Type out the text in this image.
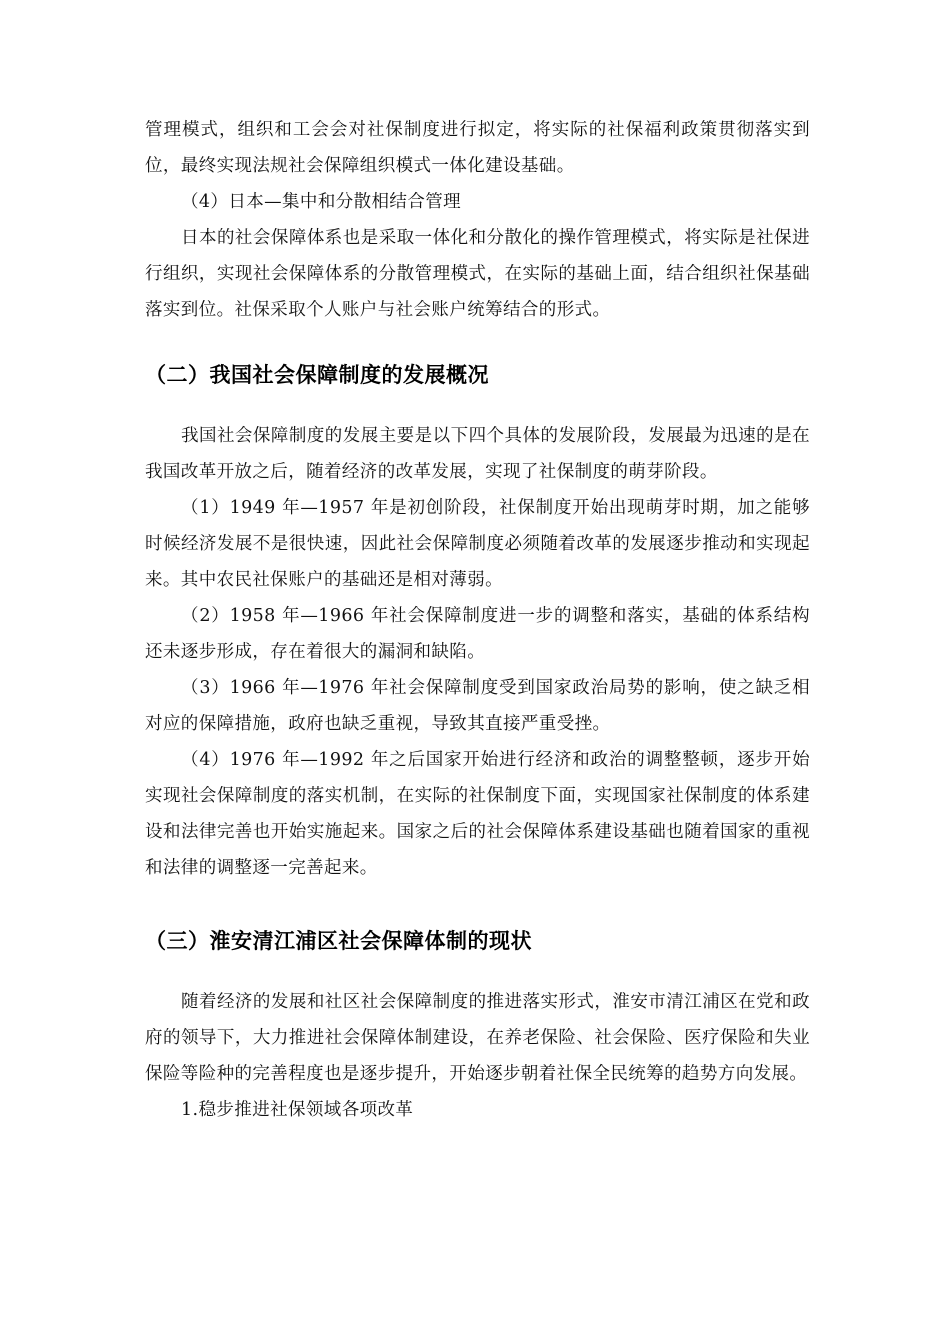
管理模式，组织和工会会对社保制度进行拟定，将实际的社保福利政策贯彻落实到位，最终实现法规社会保障组织模式一体化建设基础。

（4）日本—集中和分散相结合管理

日本的社会保障体系也是采取一体化和分散化的操作管理模式，将实际是社保进行组织，实现社会保障体系的分散管理模式，在实际的基础上面，结合组织社保基础落实到位。社保采取个人账户与社会账户统筹结合的形式。

（二）我国社会保障制度的发展概况

我国社会保障制度的发展主要是以下四个具体的发展阶段，发展最为迅速的是在我国改革开放之后，随着经济的改革发展，实现了社保制度的萌芽阶段。

（1）1949 年—1957 年是初创阶段，社保制度开始出现萌芽时期，加之能够时候经济发展不是很快速，因此社会保障制度必须随着改革的发展逐步推动和实现起来。其中农民社保账户的基础还是相对薄弱。

（2）1958 年—1966 年社会保障制度进一步的调整和落实，基础的体系结构还未逐步形成，存在着很大的漏洞和缺陷。

（3）1966 年—1976 年社会保障制度受到国家政治局势的影响，使之缺乏相对应的保障措施，政府也缺乏重视，导致其直接严重受挫。

（4）1976 年—1992 年之后国家开始进行经济和政治的调整整顿，逐步开始实现社会保障制度的落实机制，在实际的社保制度下面，实现国家社保制度的体系建设和法律完善也开始实施起来。国家之后的社会保障体系建设基础也随着国家的重视和法律的调整逐一完善起来。

（三）淮安清江浦区社会保障体制的现状

随着经济的发展和社区社会保障制度的推进落实形式，淮安市清江浦区在党和政府的领导下，大力推进社会保障体制建设，在养老保险、社会保险、医疗保险和失业保险等险种的完善程度也是逐步提升，开始逐步朝着社保全民统筹的趋势方向发展。

1.稳步推进社保领域各项改革
